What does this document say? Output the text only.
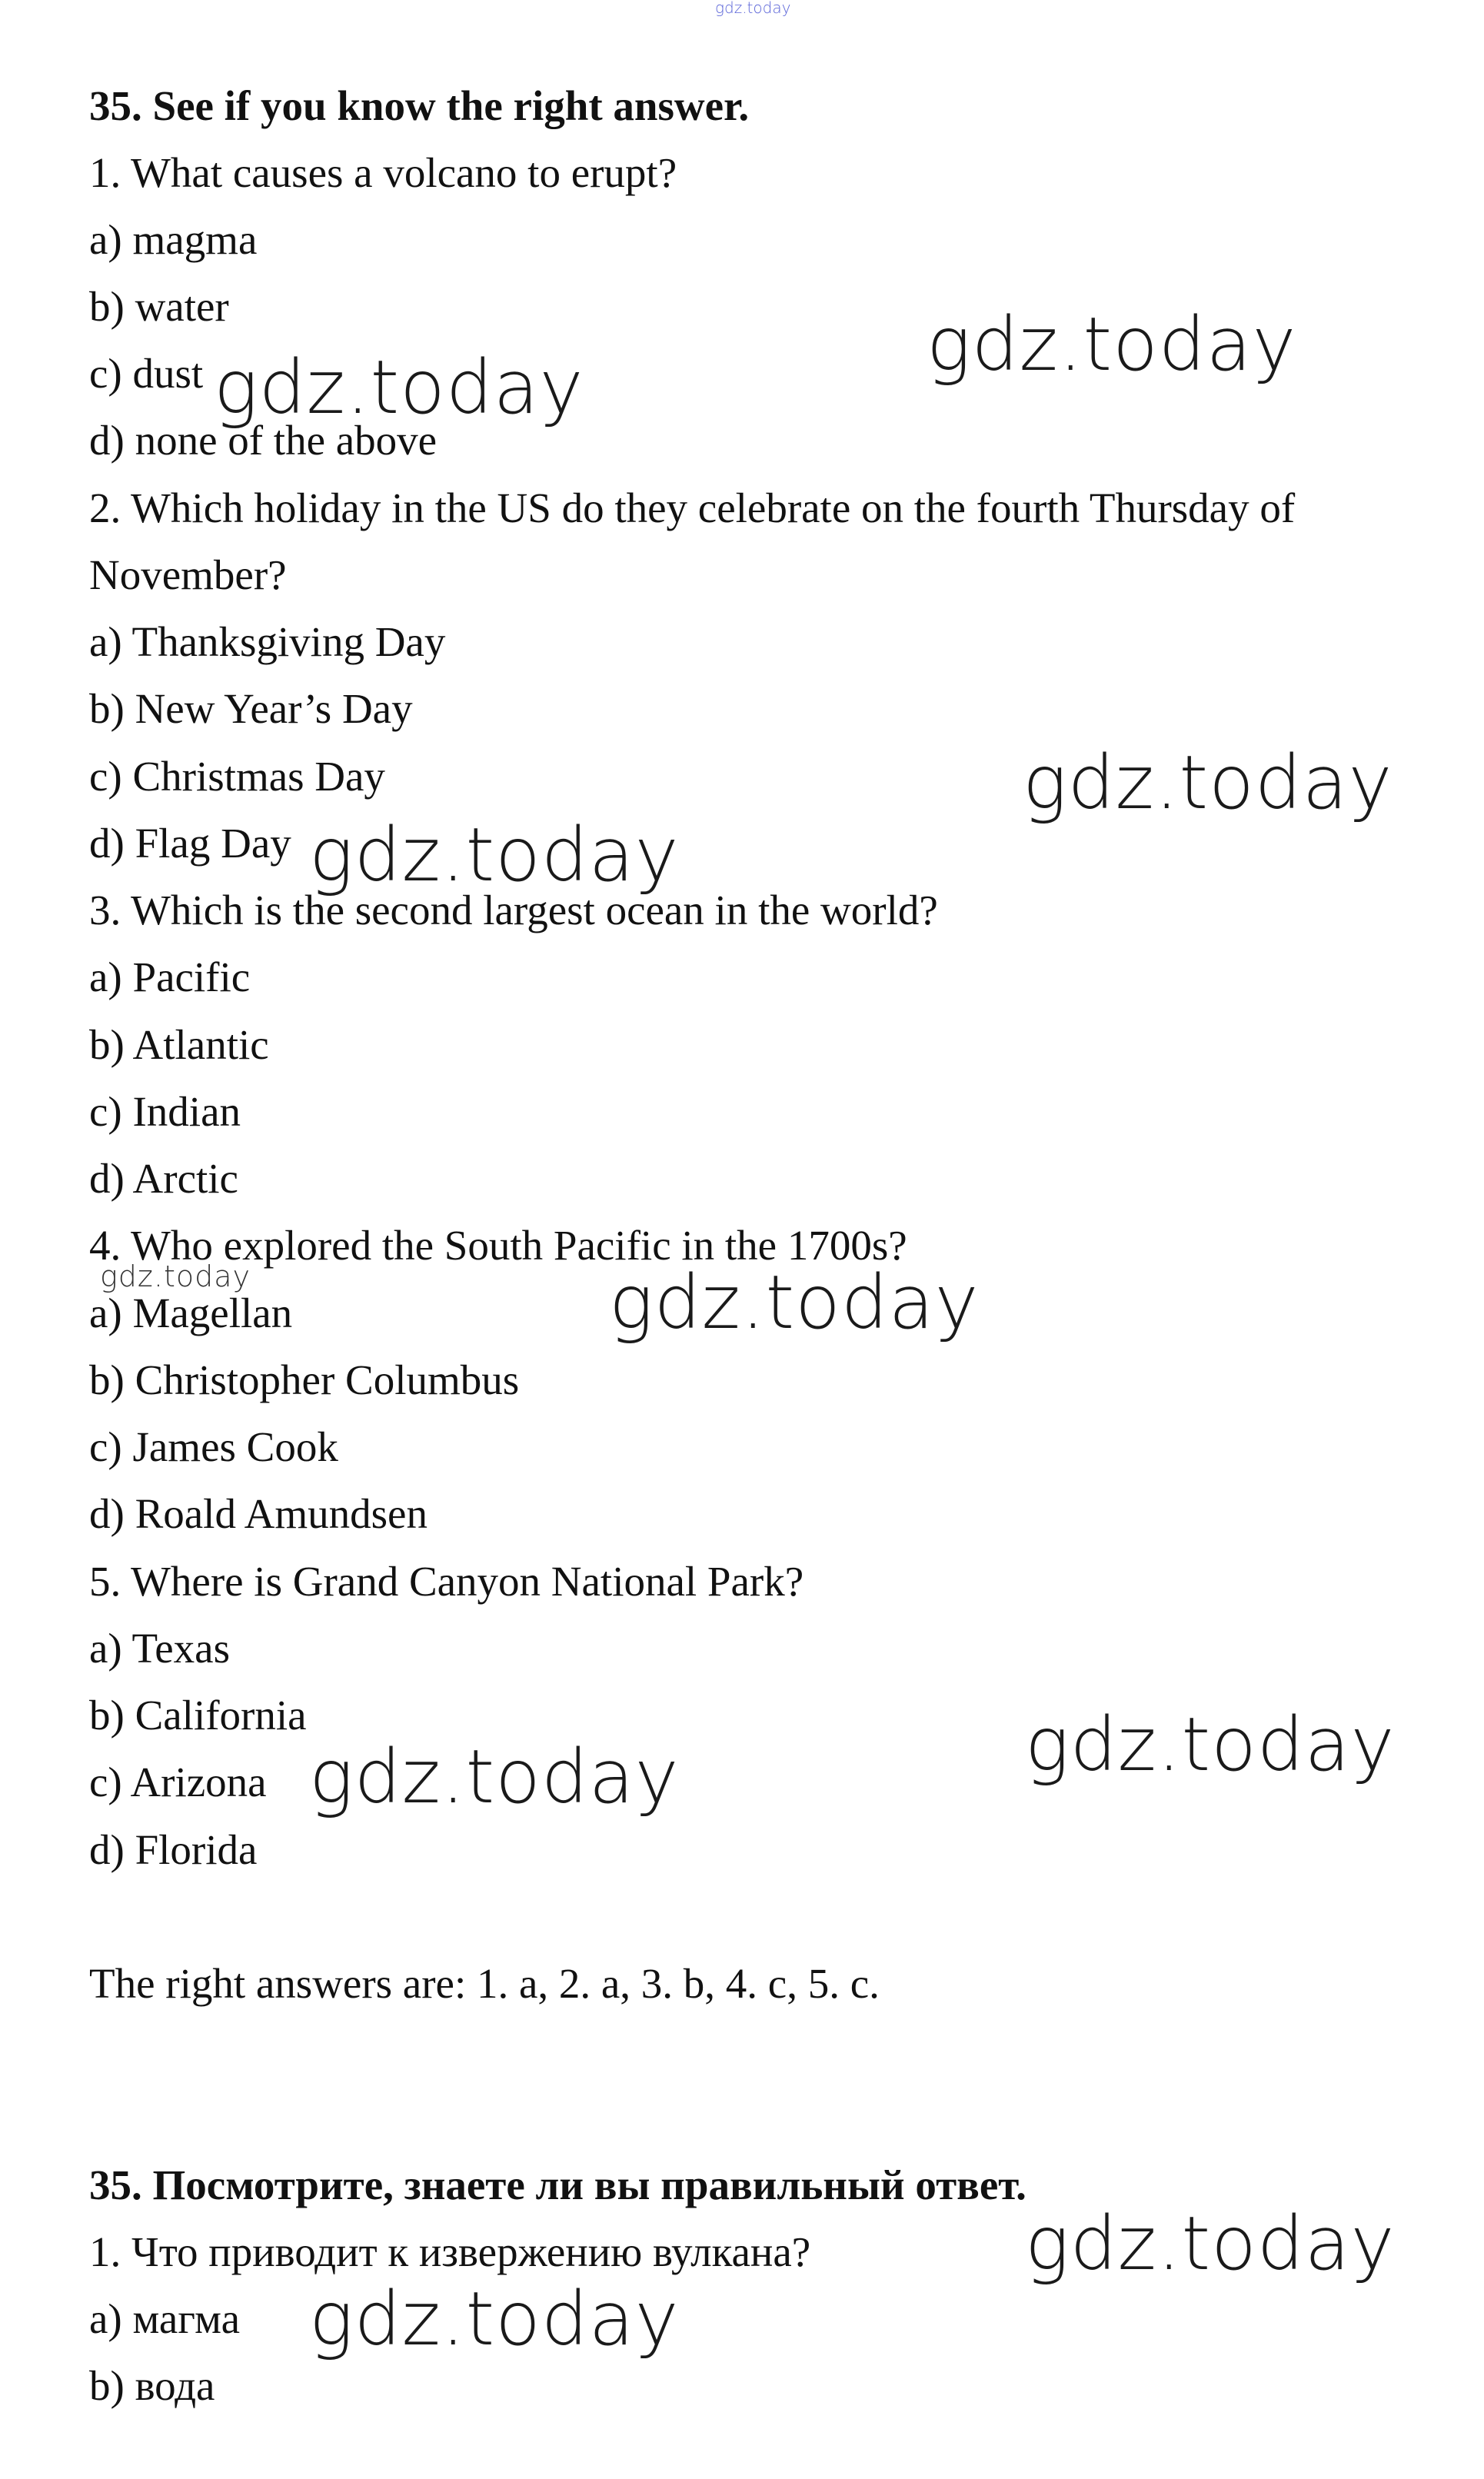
gdz.today

35. See if you know the right answer.

1. What causes a volcano to erupt?

a) magma

b) water

c) dust

d) none of the above

2. Which holiday in the US do they celebrate on the fourth Thursday of

November?

a) Thanksgiving Day

b) New Year’s Day

c) Christmas Day

d) Flag Day

3. Which is the second largest ocean in the world?

a) Pacific

b) Atlantic

c) Indian

d) Arctic

4. Who explored the South Pacific in the 1700s?

a) Magellan

b) Christopher Columbus

c) James Cook

d) Roald Amundsen

5. Where is Grand Canyon National Park?

a) Texas

b) California

c) Arizona

d) Florida

The right answers are: 1. a, 2. a, 3. b, 4. c, 5. c.

35. Посмотрите, знаете ли вы правильный ответ.

1. Что приводит к извержению вулкана?

a) магма

b) вода

gdz.today
gdz.today
gdz.today
gdz.today
gdz.today	gdz.today
gdz.today
gdz.today
gdz.today
gdz.today
